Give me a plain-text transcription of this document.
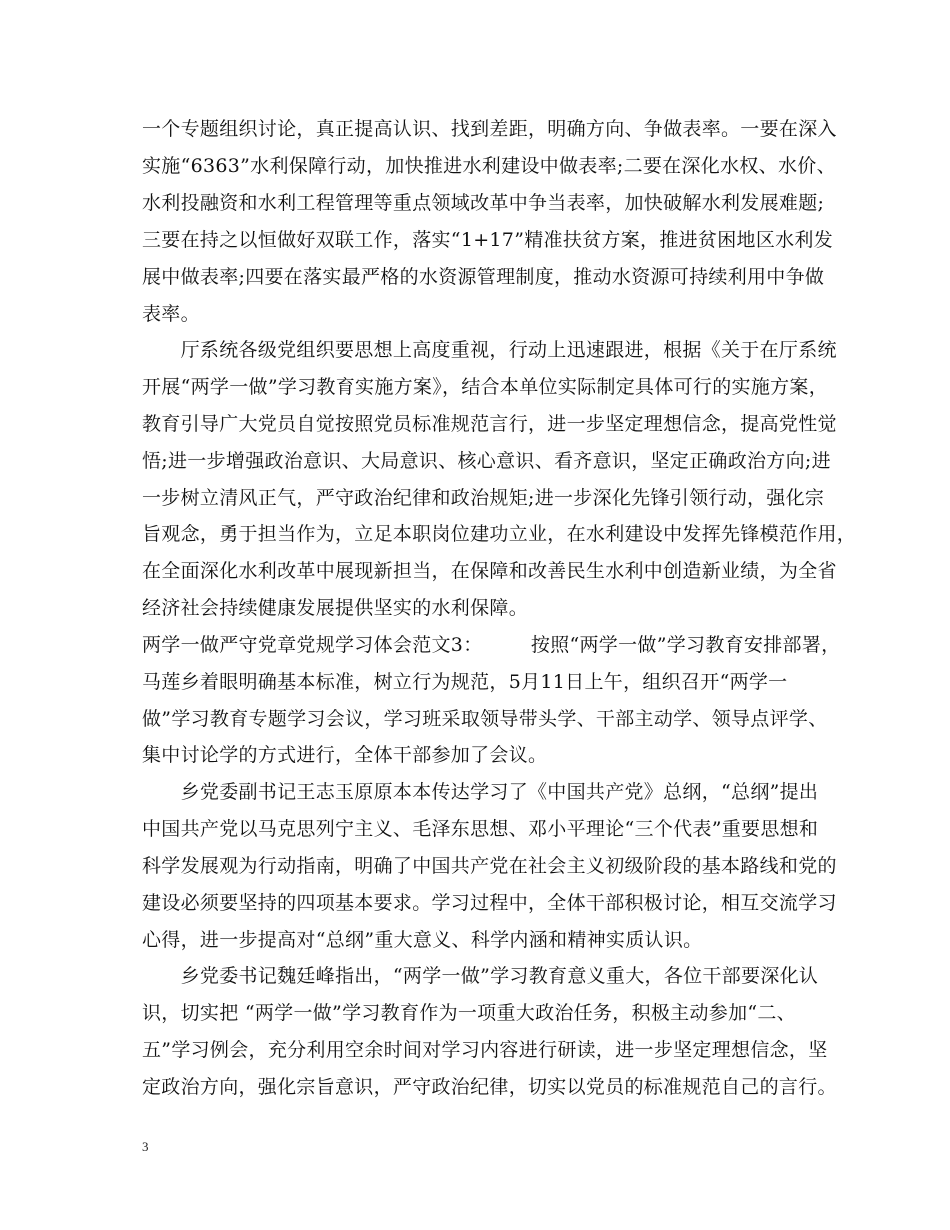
一个专题组织讨论，真正提高认识、找到差距，明确方向、争做表率。一要在深入
实施“6363”水利保障行动，加快推进水利建设中做表率;二要在深化水权、水价、
水利投融资和水利工程管理等重点领域改革中争当表率，加快破解水利发展难题;
三要在持之以恒做好双联工作，落实“1+17”精准扶贫方案，推进贫困地区水利发
展中做表率;四要在落实最严格的水资源管理制度，推动水资源可持续利用中争做
表率。
　　厅系统各级党组织要思想上高度重视，行动上迅速跟进，根据《关于在厅系统
开展“两学一做”学习教育实施方案》，结合本单位实际制定具体可行的实施方案，
教育引导广大党员自觉按照党员标准规范言行，进一步坚定理想信念，提高党性觉
悟;进一步增强政治意识、大局意识、核心意识、看齐意识，坚定正确政治方向;进
一步树立清风正气，严守政治纪律和政治规矩;进一步深化先锋引领行动，强化宗
旨观念，勇于担当作为，立足本职岗位建功立业，在水利建设中发挥先锋模范作用，
在全面深化水利改革中展现新担当，在保障和改善民生水利中创造新业绩，为全省
经济社会持续健康发展提供坚实的水利保障。
两学一做严守党章党规学习体会范文3：　　　按照“两学一做”学习教育安排部署，
马莲乡着眼明确基本标准，树立行为规范，5月11日上午，组织召开“两学一
做”学习教育专题学习会议，学习班采取领导带头学、干部主动学、领导点评学、
集中讨论学的方式进行，全体干部参加了会议。
　　乡党委副书记王志玉原原本本传达学习了《中国共产党》总纲，“总纲”提出
中国共产党以马克思列宁主义、毛泽东思想、邓小平理论“三个代表”重要思想和
科学发展观为行动指南，明确了中国共产党在社会主义初级阶段的基本路线和党的
建设必须要坚持的四项基本要求。学习过程中，全体干部积极讨论，相互交流学习
心得，进一步提高对“总纲”重大意义、科学内涵和精神实质认识。
　　乡党委书记魏廷峰指出，“两学一做”学习教育意义重大，各位干部要深化认
识，切实把 “两学一做”学习教育作为一项重大政治任务，积极主动参加“二、
五”学习例会，充分利用空余时间对学习内容进行研读，进一步坚定理想信念，坚
定政治方向，强化宗旨意识，严守政治纪律，切实以党员的标准规范自己的言行。
3
